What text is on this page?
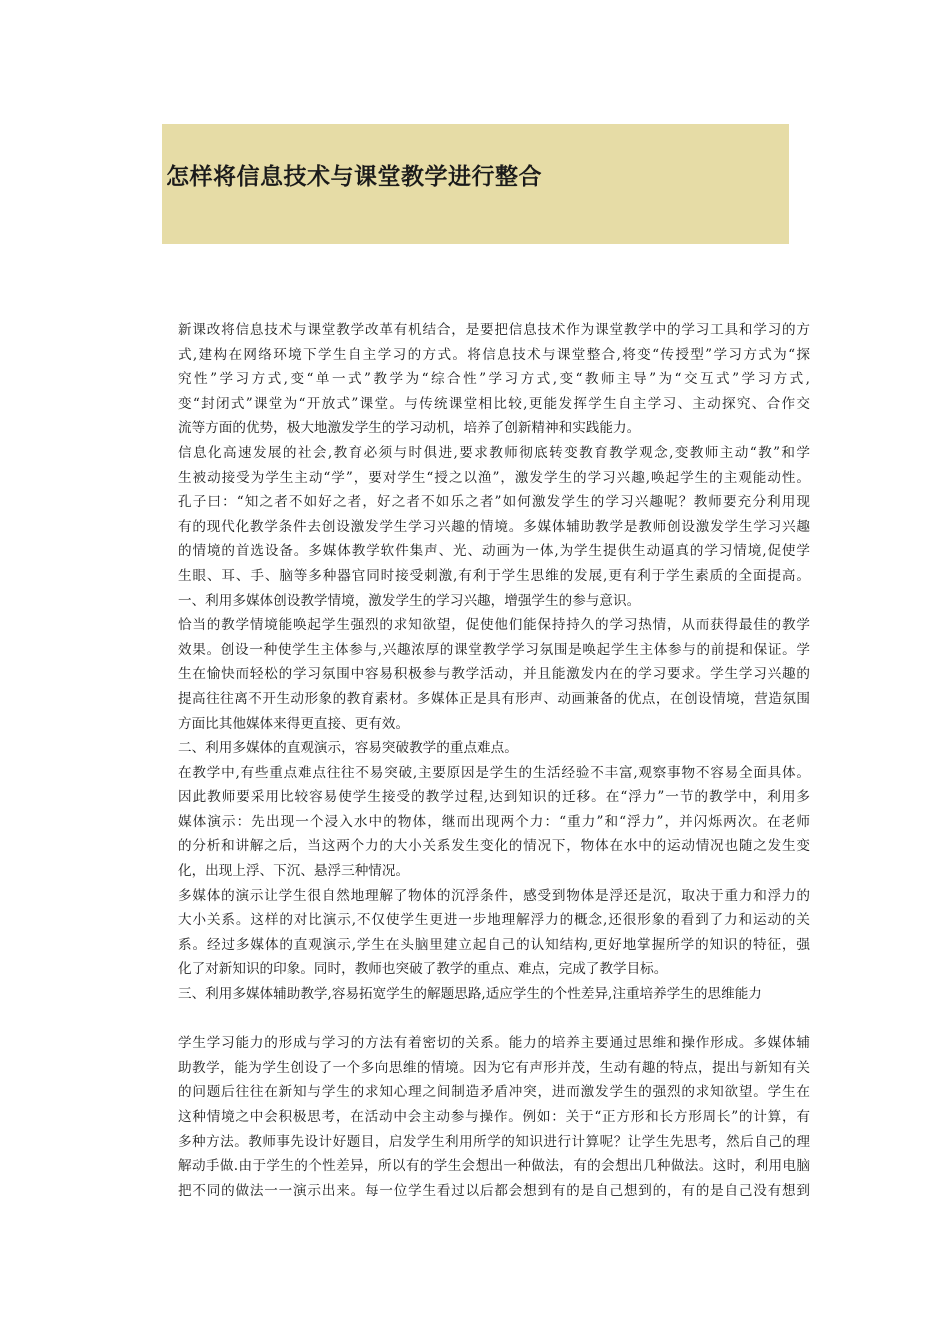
怎样将信息技术与课堂教学进行整合
新课改将信息技术与课堂教学改革有机结合，是要把信息技术作为课堂教学中的学习工具和学习的方
式,建构在网络环境下学生自主学习的方式。将信息技术与课堂整合,将变“传授型”学习方式为“探
究性”学习方式,变“单一式”教学为“综合性”学习方式,变“教师主导”为“交互式”学习方式,
变“封闭式”课堂为“开放式”课堂。与传统课堂相比较,更能发挥学生自主学习、主动探究、合作交
流等方面的优势，极大地激发学生的学习动机，培养了创新精神和实践能力。
信息化高速发展的社会,教育必须与时俱进,要求教师彻底转变教育教学观念,变教师主动“教”和学
生被动接受为学生主动“学”，要对学生“授之以渔”，激发学生的学习兴趣,唤起学生的主观能动性。
孔子曰：“知之者不如好之者，好之者不如乐之者”如何激发学生的学习兴趣呢？教师要充分利用现
有的现代化教学条件去创设激发学生学习兴趣的情境。多媒体辅助教学是教师创设激发学生学习兴趣
的情境的首选设备。多媒体教学软件集声、光、动画为一体,为学生提供生动逼真的学习情境,促使学
生眼、耳、手、脑等多种器官同时接受刺激,有利于学生思维的发展,更有利于学生素质的全面提高。
一、利用多媒体创设教学情境，激发学生的学习兴趣，增强学生的参与意识。
恰当的教学情境能唤起学生强烈的求知欲望，促使他们能保持持久的学习热情，从而获得最佳的教学
效果。创设一种使学生主体参与,兴趣浓厚的课堂教学学习氛围是唤起学生主体参与的前提和保证。学
生在愉快而轻松的学习氛围中容易积极参与教学活动，并且能激发内在的学习要求。学生学习兴趣的
提高往往离不开生动形象的教育素材。多媒体正是具有形声、动画兼备的优点，在创设情境，营造氛围
方面比其他媒体来得更直接、更有效。
二、利用多媒体的直观演示，容易突破教学的重点难点。
在教学中,有些重点难点往往不易突破,主要原因是学生的生活经验不丰富,观察事物不容易全面具体。
因此教师要采用比较容易使学生接受的教学过程,达到知识的迁移。在“浮力”一节的教学中，利用多
媒体演示：先出现一个浸入水中的物体，继而出现两个力：“重力”和“浮力”，并闪烁两次。在老师
的分析和讲解之后，当这两个力的大小关系发生变化的情况下，物体在水中的运动情况也随之发生变
化，出现上浮、下沉、悬浮三种情况。
多媒体的演示让学生很自然地理解了物体的沉浮条件，感受到物体是浮还是沉，取决于重力和浮力的
大小关系。这样的对比演示,不仅使学生更进一步地理解浮力的概念,还很形象的看到了力和运动的关
系。经过多媒体的直观演示,学生在头脑里建立起自己的认知结构,更好地掌握所学的知识的特征，强
化了对新知识的印象。同时，教师也突破了教学的重点、难点，完成了教学目标。
三、利用多媒体辅助教学,容易拓宽学生的解题思路,适应学生的个性差异,注重培养学生的思维能力
学生学习能力的形成与学习的方法有着密切的关系。能力的培养主要通过思维和操作形成。多媒体辅
助教学，能为学生创设了一个多向思维的情境。因为它有声形并茂，生动有趣的特点，提出与新知有关
的问题后往往在新知与学生的求知心理之间制造矛盾冲突，进而激发学生的强烈的求知欲望。学生在
这种情境之中会积极思考，在活动中会主动参与操作。例如：关于“正方形和长方形周长”的计算，有
多种方法。教师事先设计好题目，启发学生利用所学的知识进行计算呢？让学生先思考，然后自己的理
解动手做.由于学生的个性差异，所以有的学生会想出一种做法，有的会想出几种做法。这时，利用电脑
把不同的做法一一演示出来。每一位学生看过以后都会想到有的是自己想到的，有的是自己没有想到
